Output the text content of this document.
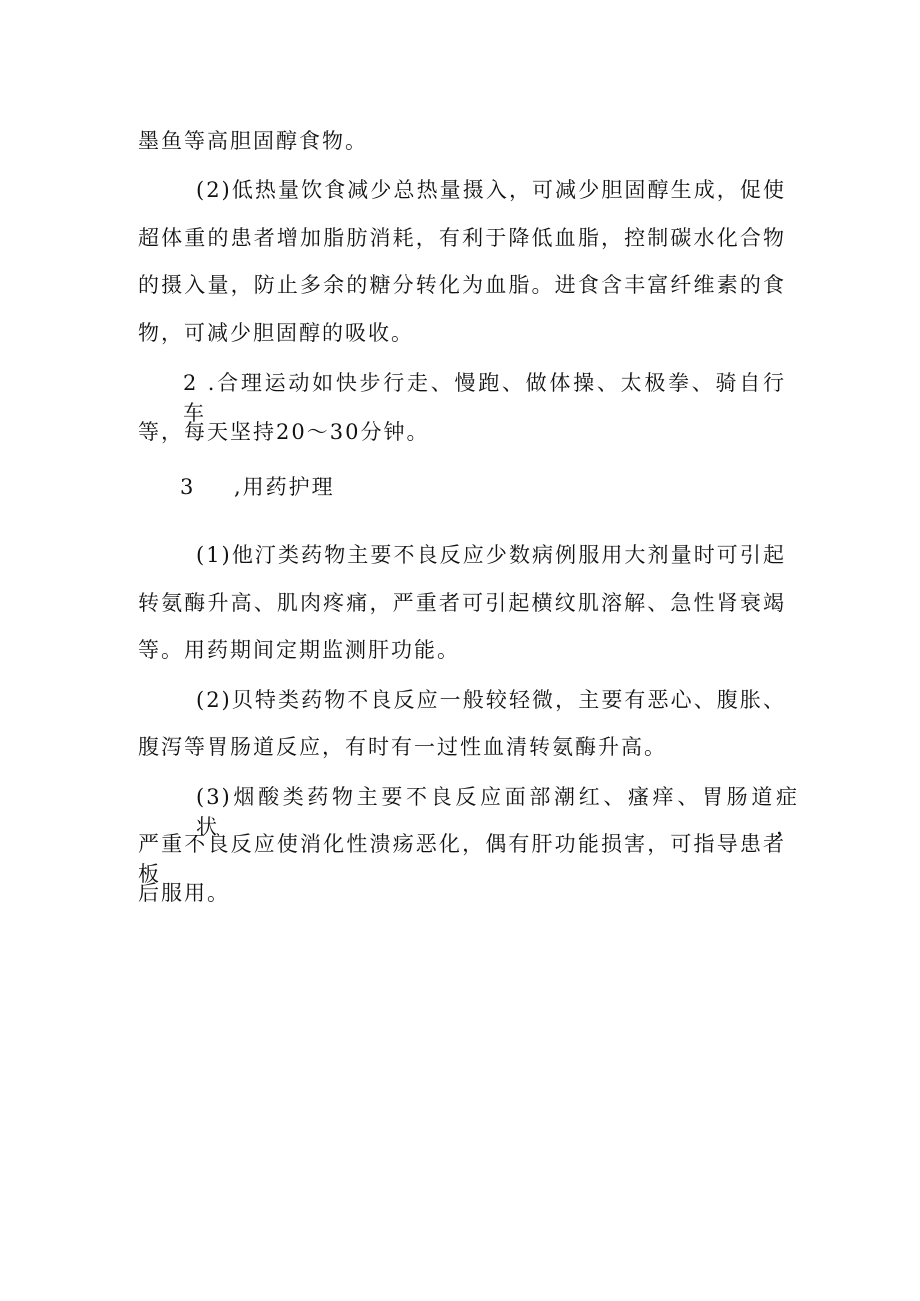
墨鱼等高胆固醇食物。
(2)低热量饮食减少总热量摄入，可减少胆固醇生成，促使
超体重的患者增加脂肪消耗，有利于降低血脂，控制碳水化合物
的摄入量，防止多余的糖分转化为血脂。进食含丰富纤维素的食
物，可减少胆固醇的吸收。
2 .合理运动如快步行走、慢跑、做体操、太极拳、骑自行车
等，每天坚持20～30分钟。
3 ,用药护理
(1)他汀类药物主要不良反应少数病例服用大剂量时可引起
转氨酶升高、肌肉疼痛，严重者可引起横纹肌溶解、急性肾衰竭
等。用药期间定期监测肝功能。
(2)贝特类药物不良反应一般较轻微，主要有恶心、腹胀、
腹泻等胃肠道反应，有时有一过性血清转氨酶升高。
(3)烟酸类药物主要不良反应面部潮红、瘙痒、胃肠道症状，
严重不良反应使消化性溃疡恶化，偶有肝功能损害，可指导患者板
后服用。
